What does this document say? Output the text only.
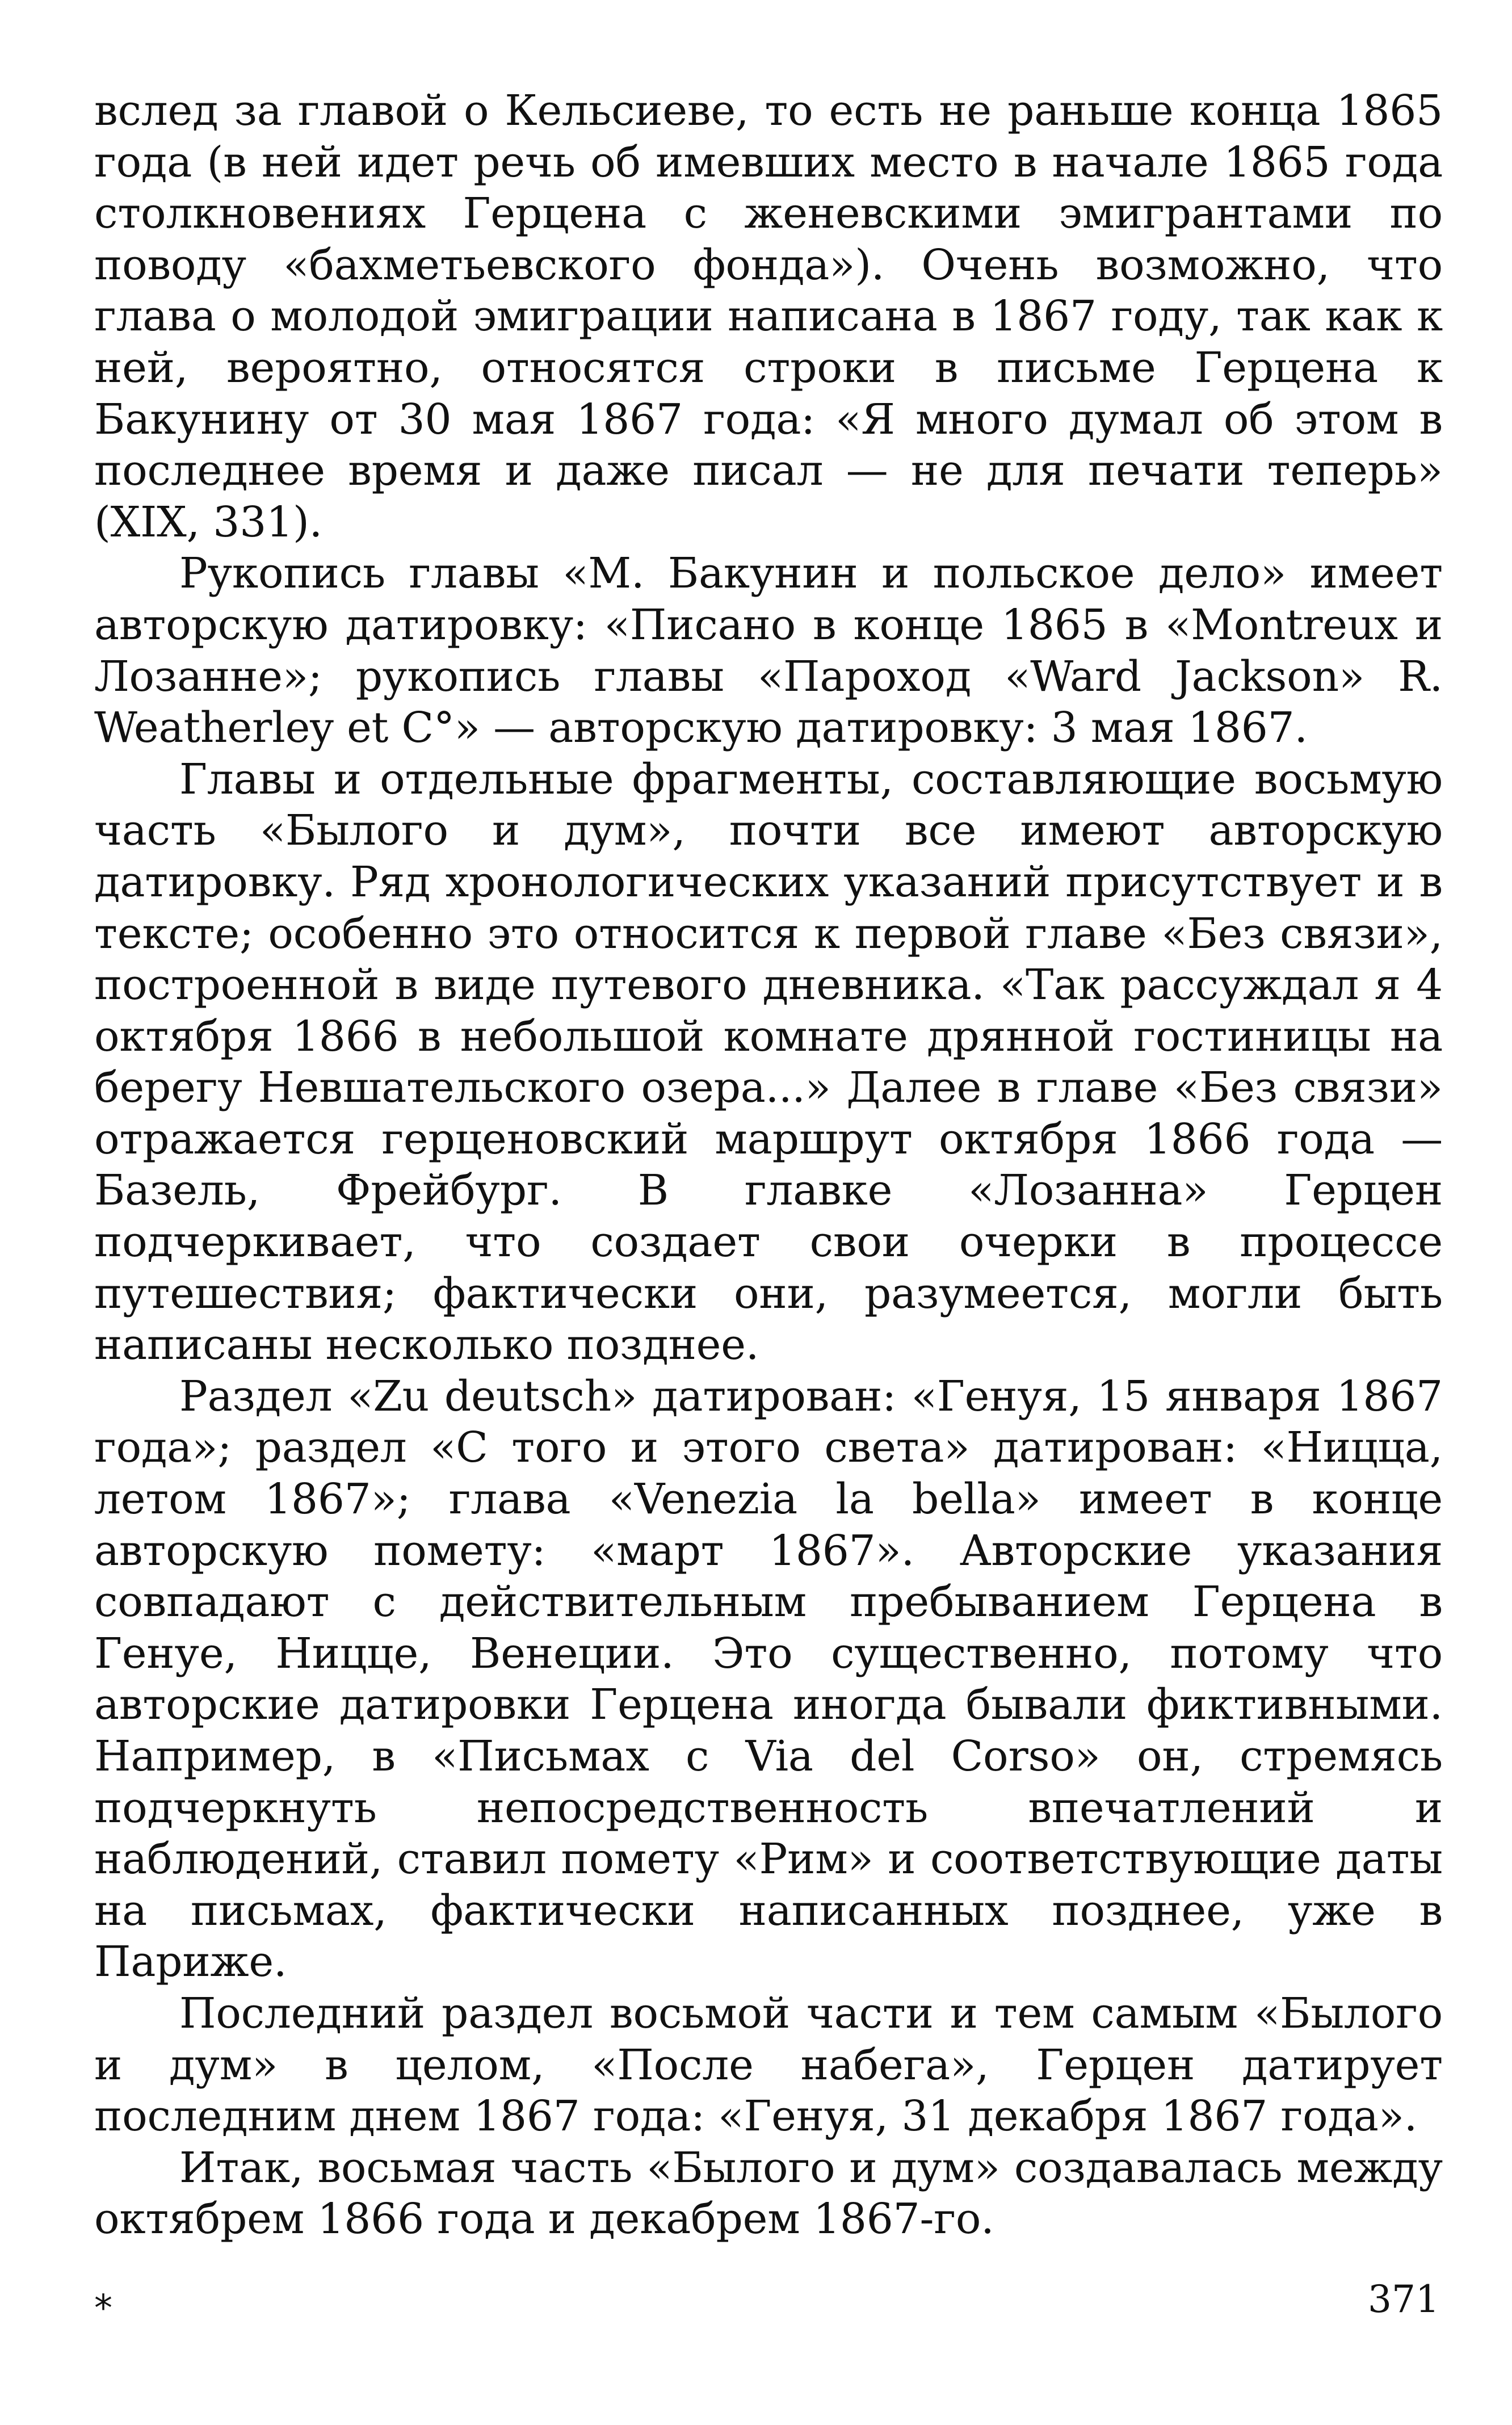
вслед за главой о Кельсиеве, то есть не раньше конца 1865 года (в ней идет речь об имевших место в начале 1865 года столкновениях Герцена с женевскими эмигрантами по поводу «бахметьевского фонда»). Очень возможно, что глава о молодой эмиграции написана в 1867 году, так как к ней, вероятно, относятся строки в письме Герцена к Бакунину от 30 мая 1867 года: «Я много думал об этом в последнее время и даже писал — не для печати теперь» (XIX, 331).

Рукопись главы «М. Бакунин и польское дело» имеет авторскую датировку: «Писано в конце 1865 в «Montreux и Лозанне»; рукопись главы «Пароход «Ward Jackson» R. Weatherley et C°» — авторскую датировку: 3 мая 1867.

Главы и отдельные фрагменты, составляющие восьмую часть «Былого и дум», почти все имеют авторскую датировку. Ряд хронологических указаний присутствует и в тексте; особенно это относится к первой главе «Без связи», построенной в виде путевого дневника. «Так рассуждал я 4 октября 1866 в небольшой комнате дрянной гостиницы на берегу Невшательского озера...» Далее в главе «Без связи» отражается герценовский маршрут октября 1866 года — Базель, Фрейбург. В главке «Лозанна» Герцен подчеркивает, что создает свои очерки в процессе путешествия; фактически они, разумеется, могли быть написаны несколько позднее.

Раздел «Zu deutsch» датирован: «Генуя, 15 января 1867 года»; раздел «С того и этого света» датирован: «Ницца, летом 1867»; глава «Venezia la bella» имеет в конце авторскую помету: «март 1867». Авторские указания совпадают с действительным пребыванием Герцена в Генуе, Ницце, Венеции. Это существенно, потому что авторские датировки Герцена иногда бывали фиктивными. Например, в «Письмах с Via del Corso» он, стремясь подчеркнуть непосредственность впечатлений и наблюдений, ставил помету «Рим» и соответствующие даты на письмах, фактически написанных позднее, уже в Париже.

Последний раздел восьмой части и тем самым «Былого и дум» в целом, «После набега», Герцен датирует последним днем 1867 года: «Генуя, 31 декабря 1867 года».

Итак, восьмая часть «Былого и дум» создавалась между октябрем 1866 года и декабрем 1867-го.

*	371
